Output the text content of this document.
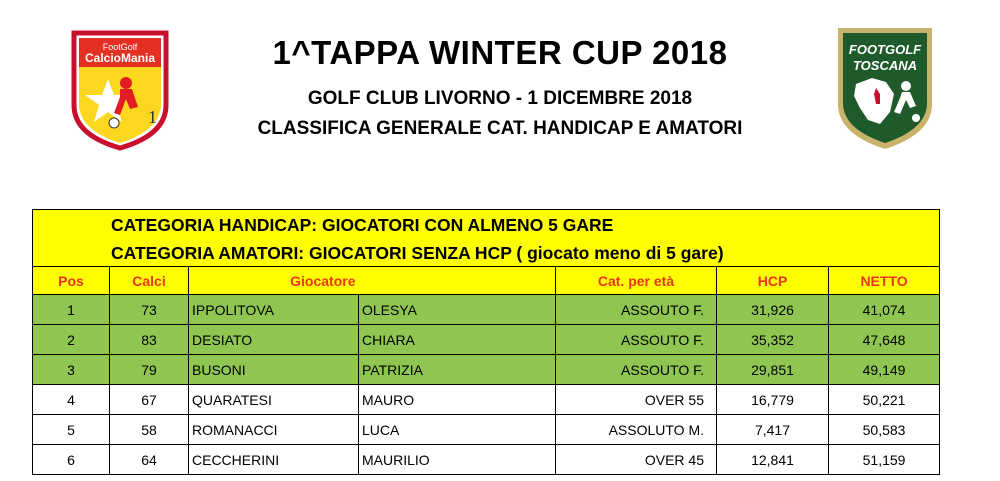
FootGolf
CalcioMania
1
1^TAPPA WINTER CUP 2018
GOLF CLUB LIVORNO - 1 DICEMBRE 2018
CLASSIFICA GENERALE CAT. HANDICAP E AMATORI
FOOTGOLF
TOSCANA
CATEGORIA HANDICAP: GIOCATORI CON ALMENO 5 GARE
CATEGORIA AMATORI: GIOCATORI SENZA HCP ( giocato meno di 5 gare)						

Pos	Calci	Giocatore		Cat. per età	HCP	NETTO
1	73	IPPOLITOVA	OLESYA	ASSOUTO F.	31,926	41,074
2	83	DESIATO	CHIARA	ASSOUTO F.	35,352	47,648
3	79	BUSONI	PATRIZIA	ASSOUTO F.	29,851	49,149
4	67	QUARATESI	MAURO	OVER 55	16,779	50,221
5	58	ROMANACCI	LUCA	ASSOLUTO M.	7,417	50,583
6	64	CECCHERINI	MAURILIO	OVER 45	12,841	51,159
